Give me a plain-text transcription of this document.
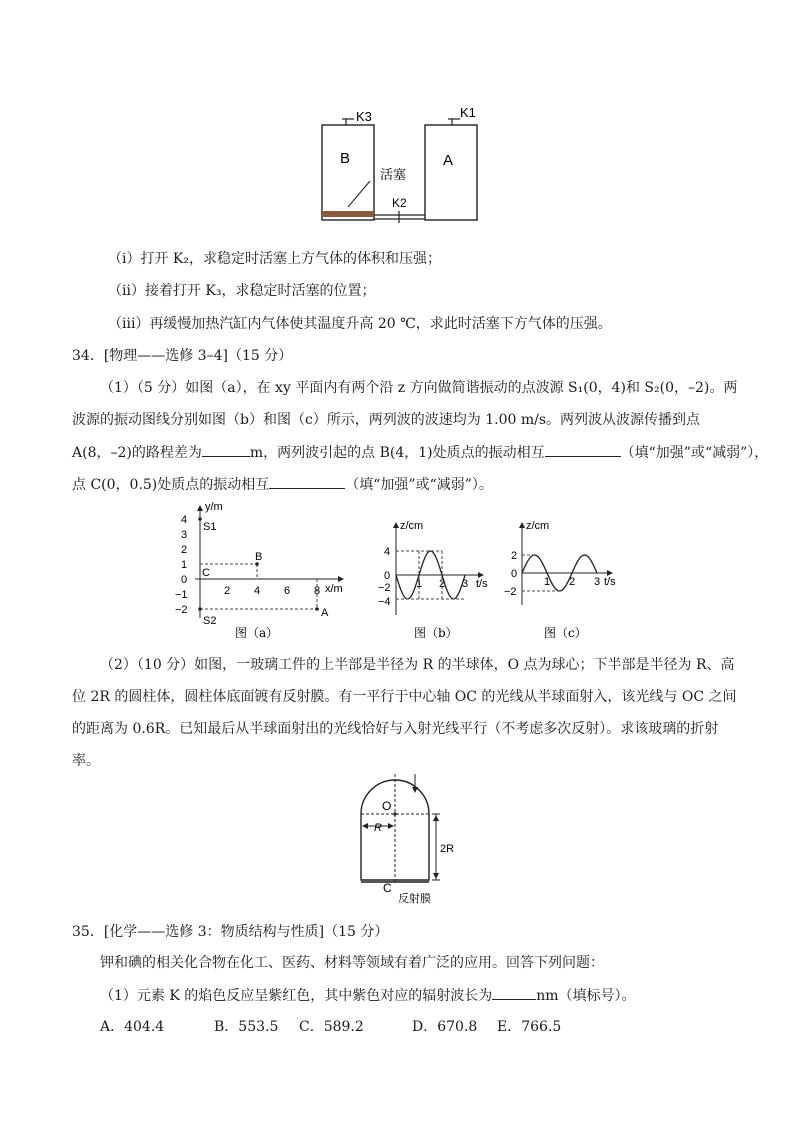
K3	K1
K2
B	A
活塞
（i）打开 K₂，求稳定时活塞上方气体的体积和压强；
（ii）接着打开 K₃，求稳定时活塞的位置；
（iii）再缓慢加热汽缸内气体使其温度升高 20 ℃，求此时活塞下方气体的压强。
34．[物理——选修 3–4]（15 分）
（1）（5 分）如图（a），在 xy 平面内有两个沿 z 方向做简谐振动的点波源 S₁(0，4)和 S₂(0，–2)。两
波源的振动图线分别如图（b）和图（c）所示，两列波的波速均为 1.00 m/s。两列波从波源传播到点
A(8，–2)的路程差为	m，两列波引起的点 B(4，1)处质点的振动相互	（填“加强”或“减弱”），
点 C(0，0.5)处质点的振动相互	（填“加强”或“减弱”）。
4
3
2
1
0
−1
−2
2 4 6 8
y/m
x/m
S1
S2
B
C
A
图（a）
4
0
−2
−4
1 2 3
z/cm
t/s
图（b）
2
0
−2
1 2 3
z/cm
t/s
图（c）
（2）（10 分）如图，一玻璃工件的上半部是半径为 R 的半球体，O 点为球心；下半部是半径为 R、高
位 2R 的圆柱体，圆柱体底面镀有反射膜。有一平行于中心轴 OC 的光线从半球面射入，该光线与 OC 之间
的距离为 0.6R。已知最后从半球面射出的光线恰好与入射光线平行（不考虑多次反射）。求该玻璃的折射
率。
O
R
2R
C
反射膜
35．[化学——选修 3：物质结构与性质]（15 分）
钾和碘的相关化合物在化工、医药、材料等领域有着广泛的应用。回答下列问题：
（1）元素 K 的焰色反应呈紫红色，其中紫色对应的辐射波长为	nm（填标号）。
A．404.4	B．553.5 C．589.2	D．670.8 E．766.5
